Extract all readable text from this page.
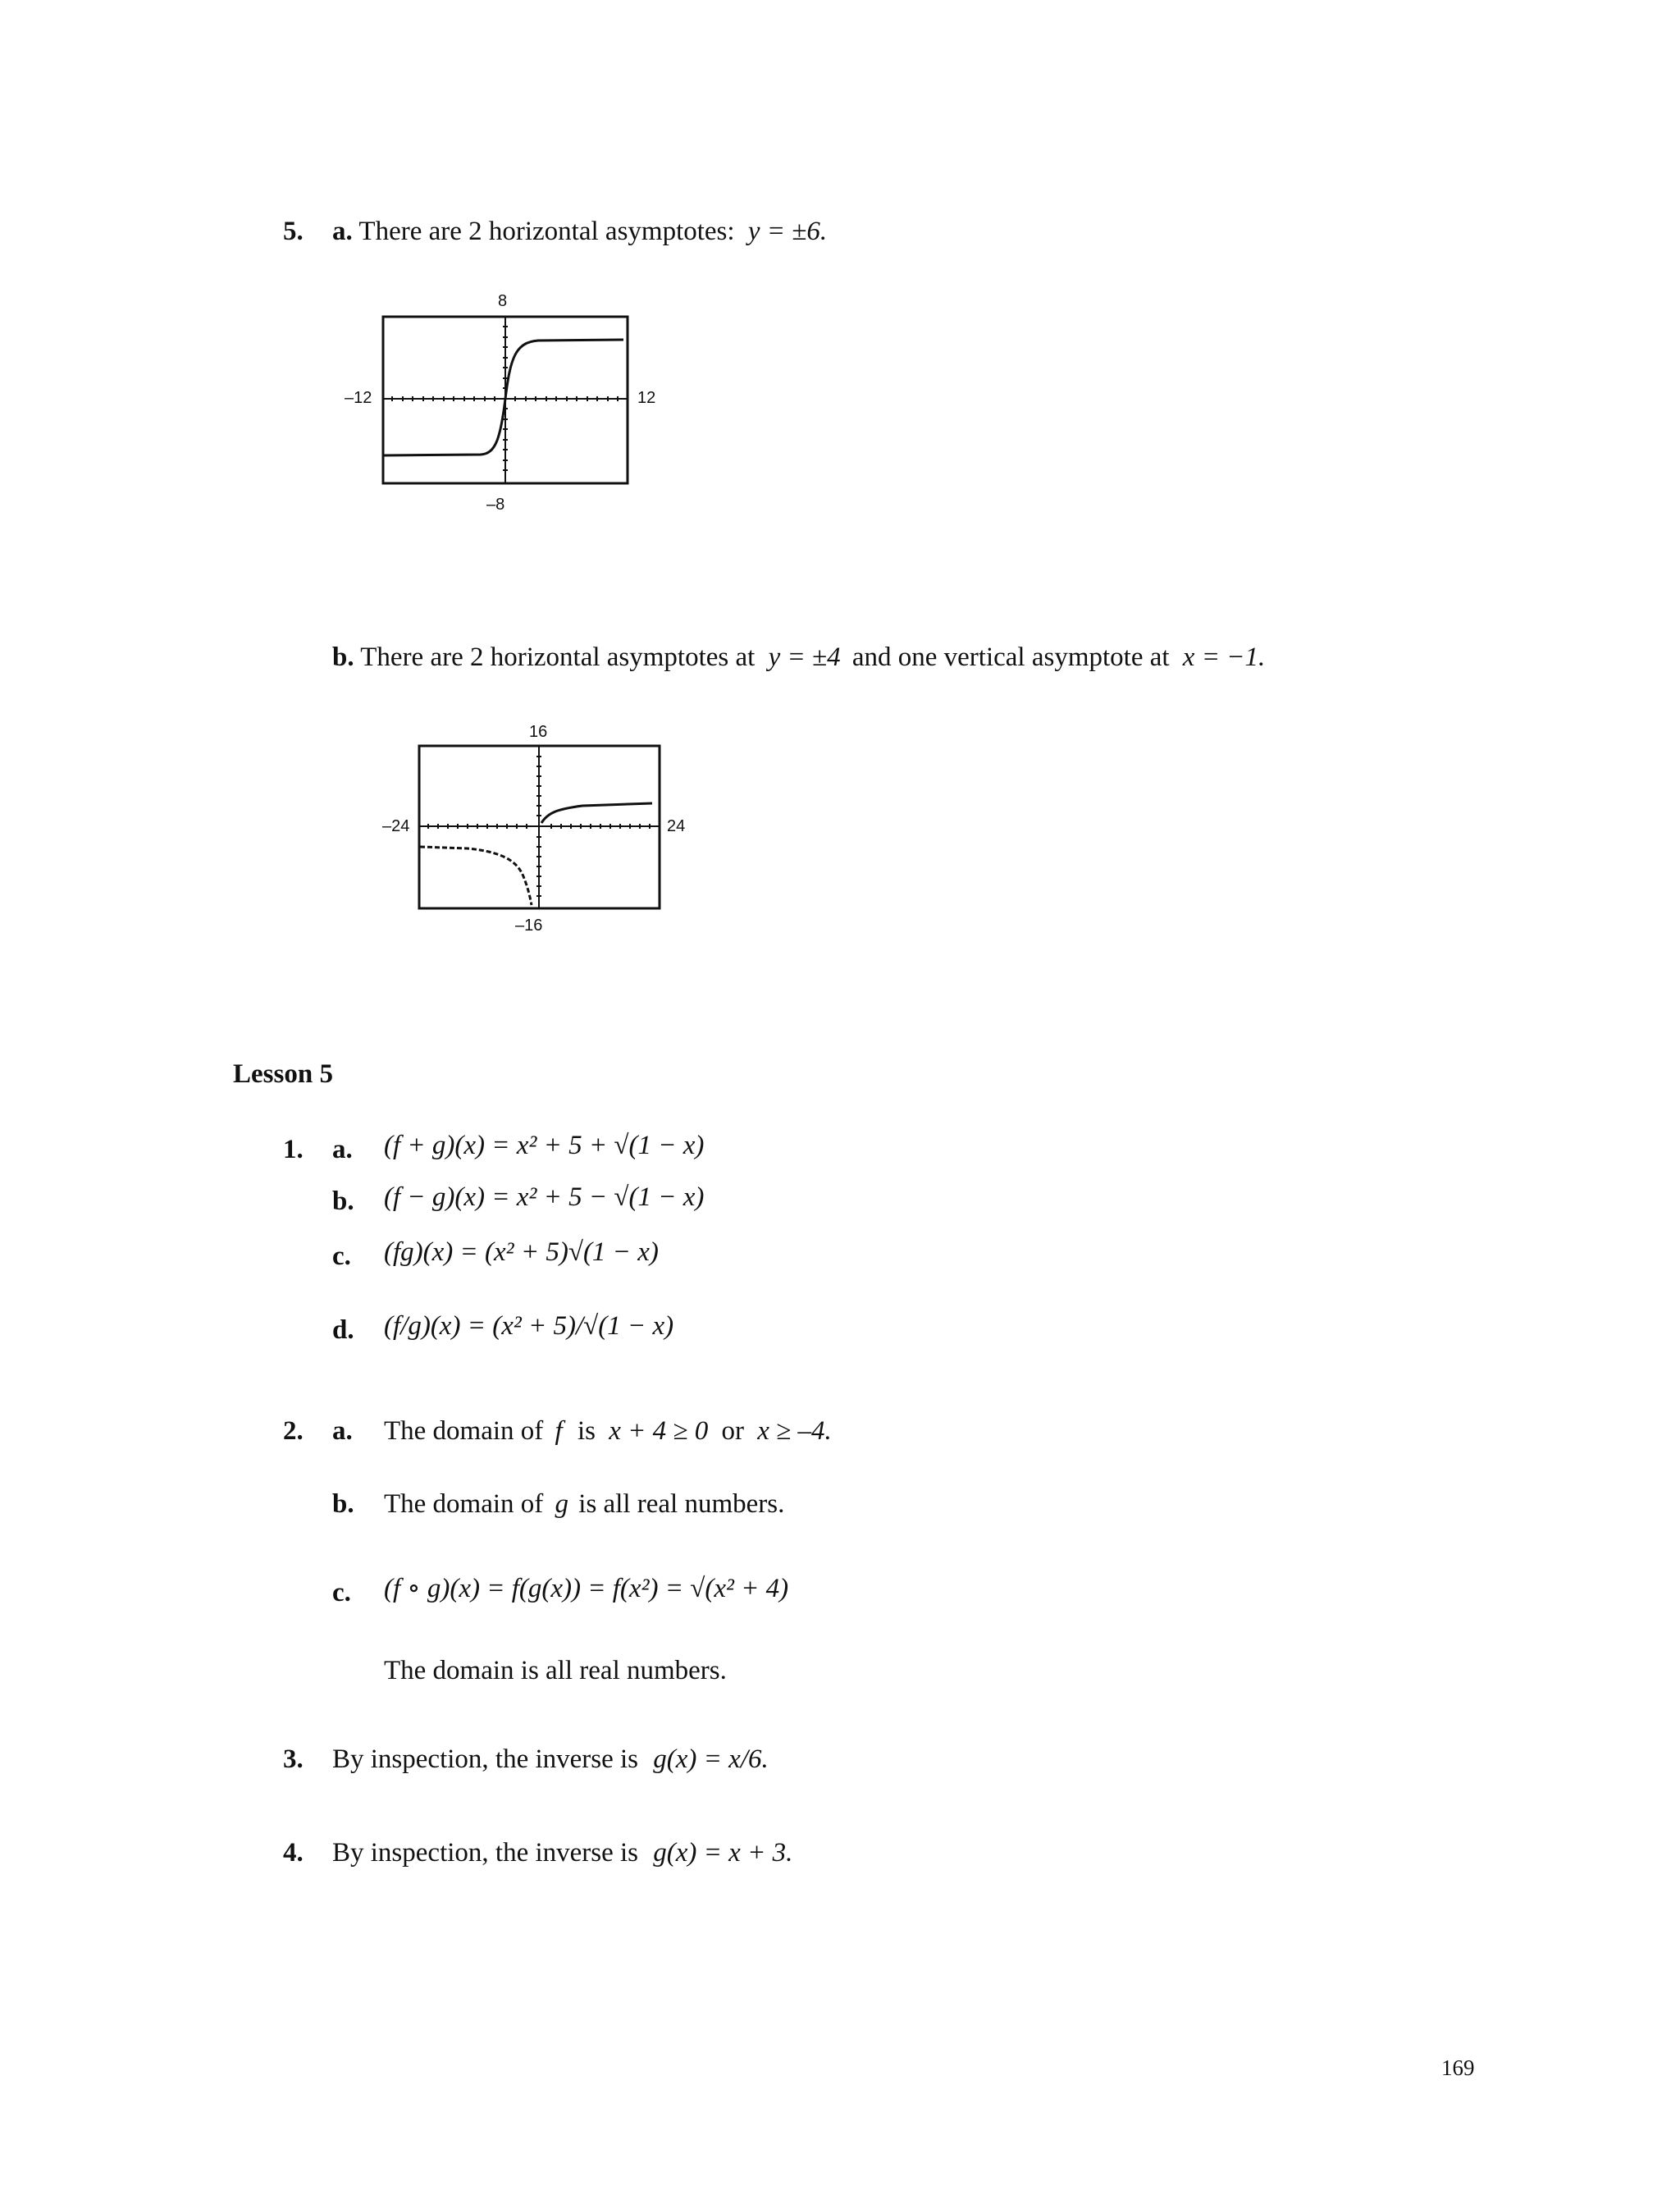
5. a. There are 2 horizontal asymptotes: y = ±6.
8
–8
–12	12
b. There are 2 horizontal asymptotes at y = ±4 and one vertical asymptote at x = −1.
16
–16
–24	24
Lesson 5
1. a. (f + g)(x) = x² + 5 + √(1 − x)
b. (f − g)(x) = x² + 5 − √(1 − x)
c. (fg)(x) = (x² + 5)√(1 − x)
d. (f/g)(x) = (x² + 5)/√(1 − x)
2. a. The domain of f is x + 4 ≥ 0 or x ≥ –4.
b. The domain of g is all real numbers.
c. (f ∘ g)(x) = f(g(x)) = f(x²) = √(x² + 4)
The domain is all real numbers.
3. By inspection, the inverse is g(x) = x/6.
4. By inspection, the inverse is g(x) = x + 3.
169
